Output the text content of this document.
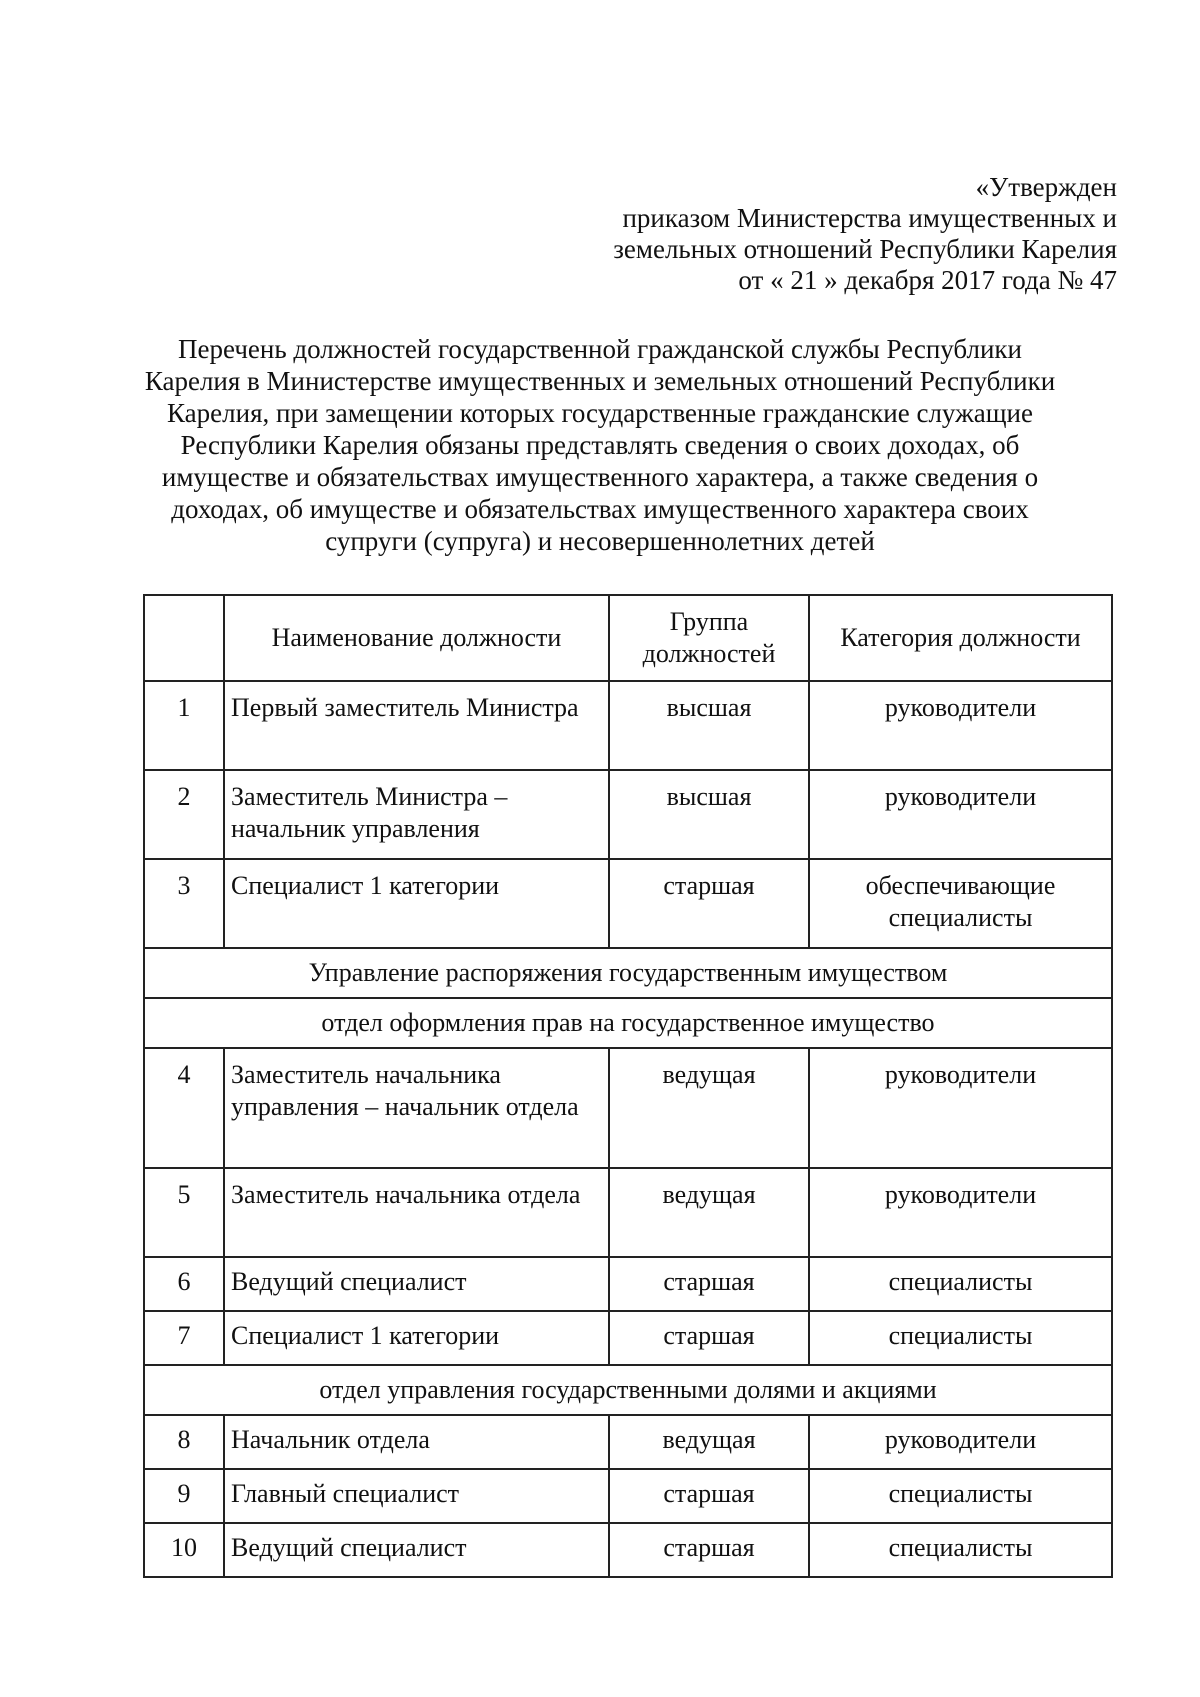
«Утвержден
приказом Министерства имущественных и
земельных отношений Республики Карелия
от « 21 » декабря 2017 года № 47
Перечень должностей государственной гражданской службы Республики
Карелия в Министерстве имущественных и земельных отношений Республики
Карелия, при замещении которых государственные гражданские служащие
Республики Карелия обязаны представлять сведения о своих доходах, об
имуществе и обязательствах имущественного характера, а также сведения о
доходах, об имуществе и обязательствах имущественного характера своих
супруги (супруга) и несовершеннолетних детей
	Наименование должности	Группа должностей	Категория должности
1	Первый заместитель Министра	высшая	руководители
2	Заместитель Министра – начальник управления	высшая	руководители
3	Специалист 1 категории	старшая	обеспечивающие специалисты
Управление распоряжения государственным имуществом			
отдел оформления прав на государственное имущество			
4	Заместитель начальника управления – начальник отдела	ведущая	руководители
5	Заместитель начальника отдела	ведущая	руководители
6	Ведущий специалист	старшая	специалисты
7	Специалист 1 категории	старшая	специалисты
отдел управления государственными долями и акциями			
8	Начальник отдела	ведущая	руководители
9	Главный специалист	старшая	специалисты
10	Ведущий специалист	старшая	специалисты
